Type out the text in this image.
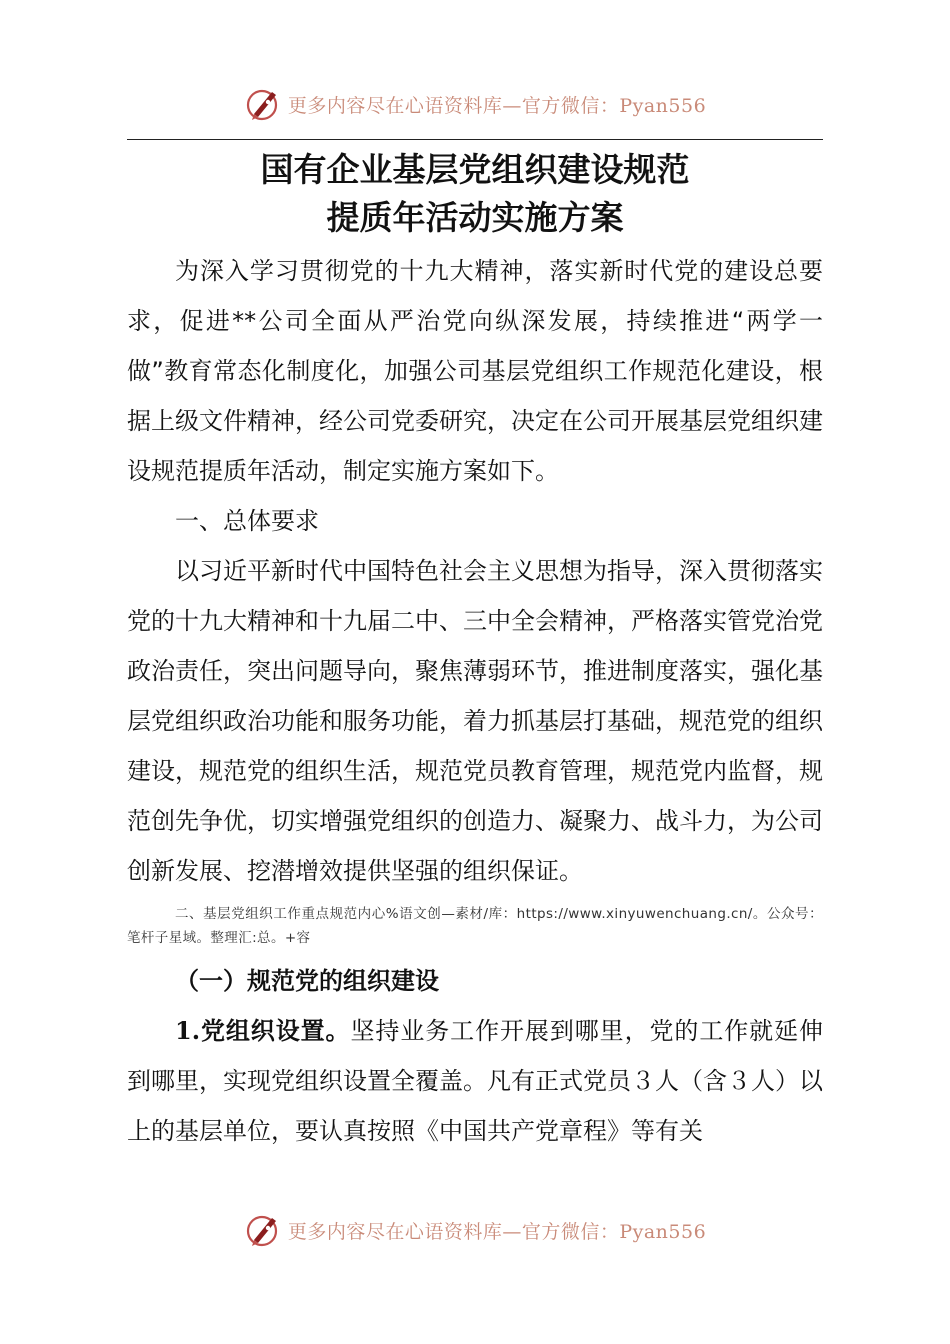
更多内容尽在心语资料库—官方微信：Pyan556
国有企业基层党组织建设规范
提质年活动实施方案

为深入学习贯彻党的十九大精神，落实新时代党的建设总要求，促进**公司全面从严治党向纵深发展，持续推进“两学一做”教育常态化制度化，加强公司基层党组织工作规范化建设，根据上级文件精神，经公司党委研究，决定在公司开展基层党组织建设规范提质年活动，制定实施方案如下。

一、总体要求

以习近平新时代中国特色社会主义思想为指导，深入贯彻落实党的十九大精神和十九届二中、三中全会精神，严格落实管党治党政治责任，突出问题导向，聚焦薄弱环节，推进制度落实，强化基层党组织政治功能和服务功能，着力抓基层打基础，规范党的组织建设，规范党的组织生活，规范党员教育管理，规范党内监督，规范创先争优，切实增强党组织的创造力、凝聚力、战斗力，为公司创新发展、挖潜增效提供坚强的组织保证。

二、基层党组织工作重点规范内心%语文创—素材/库：https://www.xinyuwenchuang.cn/。公众号：笔杆子星域。整理汇:总。+容

（一）规范党的组织建设

1.党组织设置。坚持业务工作开展到哪里，党的工作就延伸到哪里，实现党组织设置全覆盖。凡有正式党员３人（含３人）以上的基层单位，要认真按照《中国共产党章程》等有关

更多内容尽在心语资料库—官方微信：Pyan556
